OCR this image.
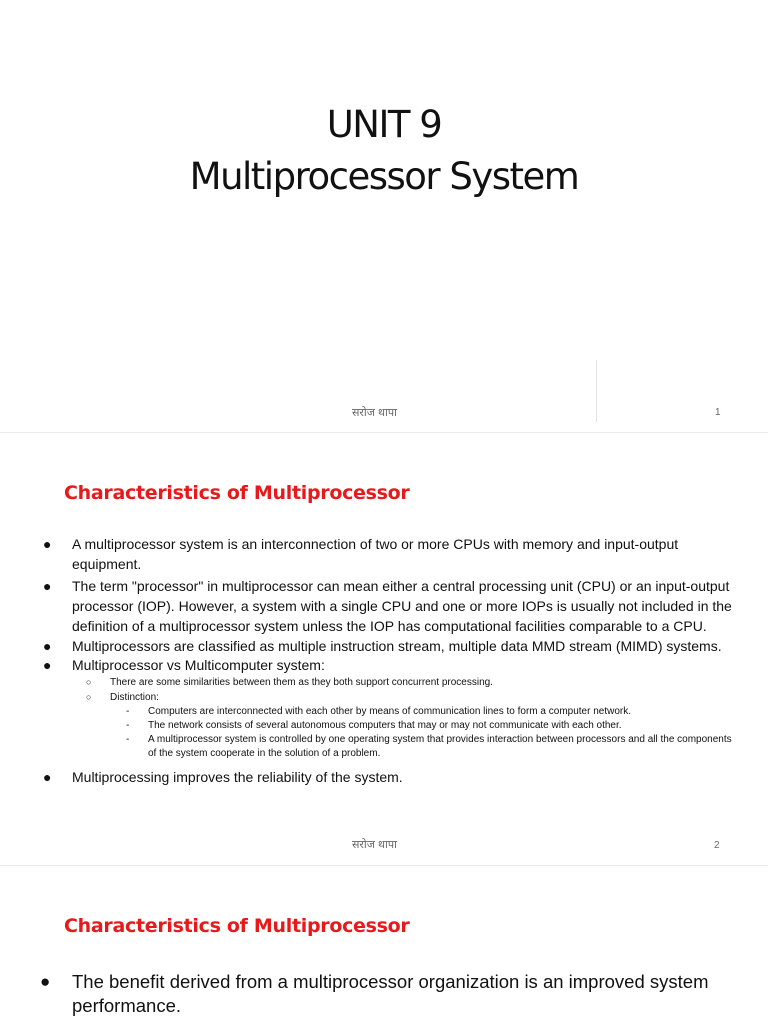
UNIT 9
Multiprocessor System
सरोज थापा	1
Characteristics of Multiprocessor
● A multiprocessor system is an interconnection of two or more CPUs with memory and input-output equipment.
● The term "processor" in multiprocessor can mean either a central processing unit (CPU) or an input-output processor (IOP). However, a system with a single CPU and one or more IOPs is usually not included in the definition of a multiprocessor system unless the IOP has computational facilities comparable to a CPU.
● Multiprocessors are classified as multiple instruction stream, multiple data MMD stream (MIMD) systems.
● Multiprocessor vs Multicomputer system:
○ There are some similarities between them as they both support concurrent processing.
○ Distinction:
- Computers are interconnected with each other by means of communication lines to form a computer network.
- The network consists of several autonomous computers that may or may not communicate with each other.
- A multiprocessor system is controlled by one operating system that provides interaction between processors and all the components of the system cooperate in the solution of a problem.
● Multiprocessing improves the reliability of the system.
सरोज थापा	2
Characteristics of Multiprocessor
● The benefit derived from a multiprocessor organization is an improved system performance.
